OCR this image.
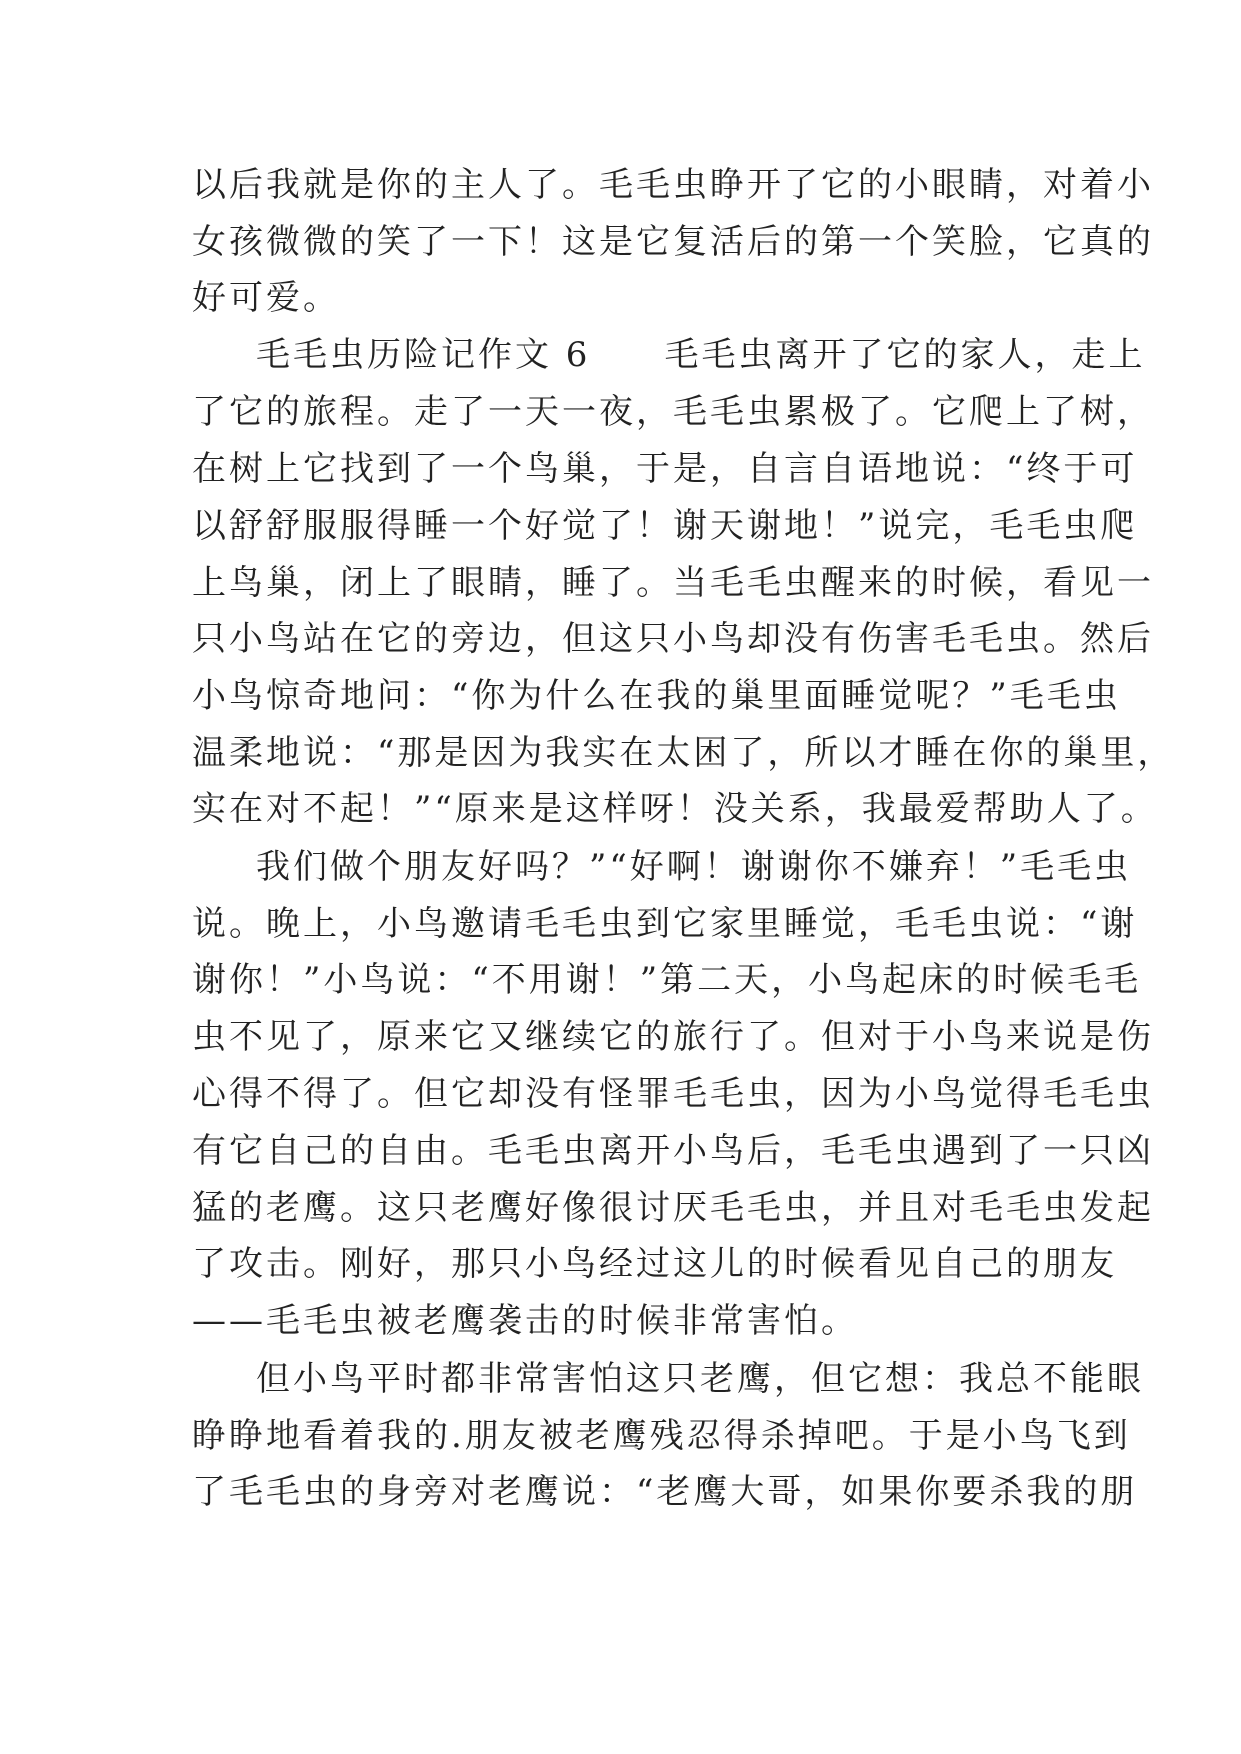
以后我就是你的主人了。毛毛虫睁开了它的小眼睛，对着小
女孩微微的笑了一下！这是它复活后的第一个笑脸，它真的
好可爱。
毛毛虫历险记作文 6　　毛毛虫离开了它的家人，走上
了它的旅程。走了一天一夜，毛毛虫累极了。它爬上了树，
在树上它找到了一个鸟巢，于是，自言自语地说：“终于可
以舒舒服服得睡一个好觉了！谢天谢地！”说完，毛毛虫爬
上鸟巢，闭上了眼睛，睡了。当毛毛虫醒来的时候，看见一
只小鸟站在它的旁边，但这只小鸟却没有伤害毛毛虫。然后
小鸟惊奇地问：“你为什么在我的巢里面睡觉呢？”毛毛虫
温柔地说：“那是因为我实在太困了，所以才睡在你的巢里，
实在对不起！”“原来是这样呀！没关系，我最爱帮助人了。
我们做个朋友好吗？”“好啊！谢谢你不嫌弃！”毛毛虫
说。晚上，小鸟邀请毛毛虫到它家里睡觉，毛毛虫说：“谢
谢你！”小鸟说：“不用谢！”第二天，小鸟起床的时候毛毛
虫不见了，原来它又继续它的旅行了。但对于小鸟来说是伤
心得不得了。但它却没有怪罪毛毛虫，因为小鸟觉得毛毛虫
有它自己的自由。毛毛虫离开小鸟后，毛毛虫遇到了一只凶
猛的老鹰。这只老鹰好像很讨厌毛毛虫，并且对毛毛虫发起
了攻击。刚好，那只小鸟经过这儿的时候看见自己的朋友
——毛毛虫被老鹰袭击的时候非常害怕。
但小鸟平时都非常害怕这只老鹰，但它想：我总不能眼
睁睁地看着我的.朋友被老鹰残忍得杀掉吧。于是小鸟飞到
了毛毛虫的身旁对老鹰说：“老鹰大哥，如果你要杀我的朋
